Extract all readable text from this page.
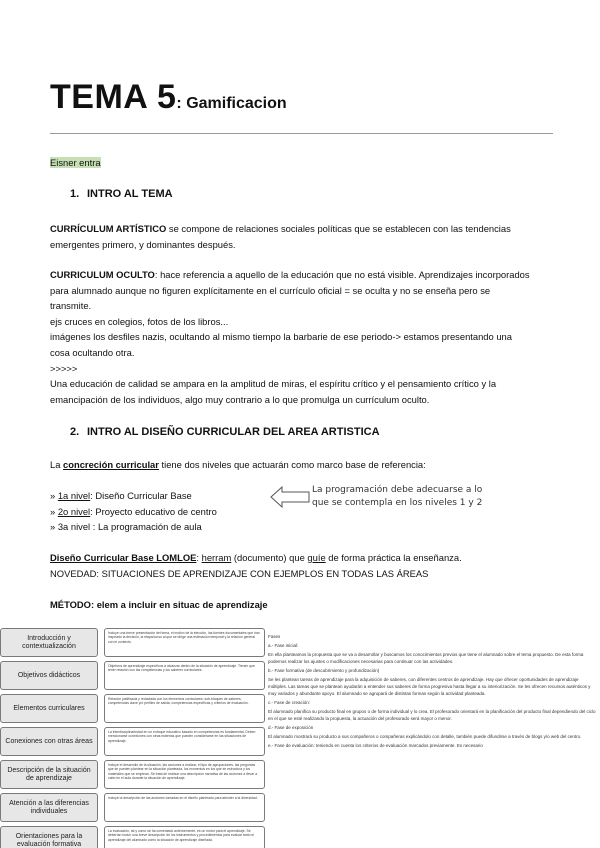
TEMA 5: Gamificacion
Eisner entra
1. INTRO AL TEMA
CURRÍCULUM ARTÍSTICO se compone de relaciones sociales políticas que se establecen con las tendencias
emergentes primero, y dominantes después.
CURRICULUM OCULTO: hace referencia a aquello de la educación que no está visible. Aprendizajes incorporados
para alumnado aunque no figuren explícitamente en el currículo oficial = se oculta y no se enseña pero se
transmite.
ejs cruces en colegios, fotos de los libros...
imágenes los desfiles nazis, ocultando al mismo tiempo la barbarie de ese periodo-> estamos presentando una
cosa ocultando otra.
>>>>>
Una educación de calidad se ampara en la amplitud de miras, el espíritu crítico y el pensamiento crítico y la
emancipación de los individuos, algo muy contrario a lo que promulga un currículum oculto.
2. INTRO AL DISEÑO CURRICULAR DEL AREA ARTISTICA
La concreción curricular tiene dos niveles que actuarán como marco base de referencia:
» 1a nivel: Diseño Curricular Base
» 2o nivel: Proyecto educativo de centro
» 3a nivel : La programación de aula
La programación debe adecuarse a lo
que se contempla en los niveles 1 y 2
Diseño Curricular Base LOMLOE: herram (documento) que guíe de forma práctica la enseñanza.
NOVEDAD: SITUACIONES DE APRENDIZAJE CON EJEMPLOS EN TODAS LAS ÁREAS
MÉTODO: elem a incluir en situac de aprendizaje
Introducción y contextualización
Objetivos didácticos
Elementos curriculares
Conexiones con otras áreas
Descripción de la situación de aprendizaje
Atención a las diferencias individuales
Orientaciones para la evaluación formativa
Incluye una breve presentación del tema, el motivo de la elección, las fuentes documentales que han inspirado la decisión, la etapa/curso al que se dirige una estimación temporal y la relación general con el contexto.
Objetivos de aprendizaje específicos a alcanzar dentro de la situación de aprendizaje. Tienen que tener relación con las competencias y los saberes curriculares.
Relación justificada y redactada con los elementos curriculares: sub-bloques de saberes, competencias clave y/o perfiles de salida, competencias específicas y criterios de evaluación.
La interdisciplinariedad en un enfoque educativo basado en competencias es fundamental. Deben mencionarse conexiones con otras materias que pueden considerarse en las situaciones de aprendizaje.
Incluye el desarrollo de la situación, las acciones a realizar, el tipo de agrupaciones, las preguntas que se pueden plantear en la situación planteada, los momentos en los que se estructura y los materiales que se emplean. Se trata de realizar una descripción narrativa de las acciones a llevar a cabo en el aula durante la situación de aprendizaje.
Incluye la descripción de las acciones tomadas en el diseño planteado para atender a la diversidad.
La evaluación, tal y como se ha comentado anteriormente, es un motor para el aprendizaje. Se deberían incluir una breve descripción de los instrumentos y procedimientos para evaluar tanto el aprendizaje del alumnado como la situación de aprendizaje diseñada.

Fases

a.- Fase inicial:

En ella planteamos la propuesta que se va a desarrollar y buscamos los conocimientos previos que tiene el alumnado sobre el tema propuesto. De esta forma podemos realizar los ajustes o modificaciones necesarias para continuar con las actividades.

b.- Fase formativa (de descubrimiento y profundización)

Se les plantean tareas de aprendizaje para la adquisición de saberes, con diferentes centros de aprendizaje. Hay que ofrecer oportunidades de aprendizaje múltiples. Las tareas que se plantean ayudarán a entender sus saberes de forma progresiva hasta llegar a su interiorización. Se les ofrecen recursos auténticos y muy variados y abundante apoyo. El alumnado se agrupará de distintas formas según la actividad planteada.

c.- Fase de creación:

El alumnado planifica su producto final en grupos o de forma individual y lo crea. El profesorado orientará en la planificación del producto final dependiendo del ciclo en el que se esté realizando la propuesta, la actuación del profesorado será mayor o menor.

d.- Fase de exposición

El alumnado mostrará su producto a sus compañeros o compañeras explicándolo con detalle, también puede difundirse a través de blogs y/o web del centro.

e.- Fase de evaluación: teniendo en cuenta los criterios de evaluación marcados previamente. Es necesario
